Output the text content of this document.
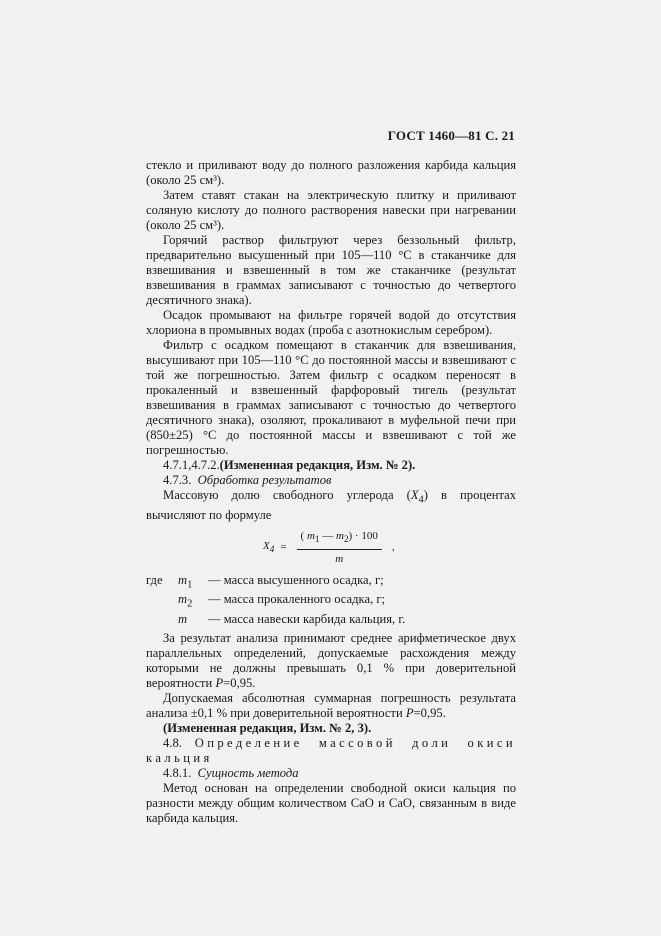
ГОСТ 1460—81 С. 21

стекло и приливают воду до полного разложения карбида кальция (около 25 см³).

Затем ставят стакан на электрическую плитку и приливают соляную кислоту до полного растворения навески при нагревании (около 25 см³).

Горячий раствор фильтруют через беззольный фильтр, предварительно высушенный при 105—110 °С в стаканчике для взвешивания и взвешенный в том же стаканчике (результат взвешивания в граммах записывают с точностью до четвертого десятичного знака).

Осадок промывают на фильтре горячей водой до отсутствия хлориона в промывных водах (проба с азотнокислым серебром).

Фильтр с осадком помещают в стаканчик для взвешивания, высушивают при 105—110 °С до постоянной массы и взвешивают с той же погрешностью. Затем фильтр с осадком переносят в прокаленный и взвешенный фарфоровый тигель (результат взвешивания в граммах записывают с точностью до четвертого десятичного знака), озоляют, прокаливают в муфельной печи при (850±25) °С до постоянной массы и взвешивают с той же погрешностью.

4.7.1,4.7.2.(Измененная редакция, Изм. № 2).

4.7.3. Обработка результатов

Массовую долю свободного углерода $(X_4)$ в процентах вычисляют по формуле

$X_4 = \frac{( m_1 — m_2) \cdot 100}{m}$ ,
где	$m_1$	— масса высушенного осадка, г;
$m_2$	— масса прокаленного осадка, г;
m	— масса навески карбида кальция, г.

За результат анализа принимают среднее арифметическое двух параллельных определений, допускаемые расхождения между которыми не должны превышать 0,1 % при доверительной вероятности P=0,95.

Допускаемая абсолютная суммарная погрешность результата анализа ±0,1 % при доверительной вероятности P=0,95.

(Измененная редакция, Изм. № 2, 3).

4.8. Определение массовой доли окиси кальция

4.8.1. Сущность метода

Метод основан на определении свободной окиси кальция по разности между общим количеством CaO и CaO, связанным в виде карбида кальция.
